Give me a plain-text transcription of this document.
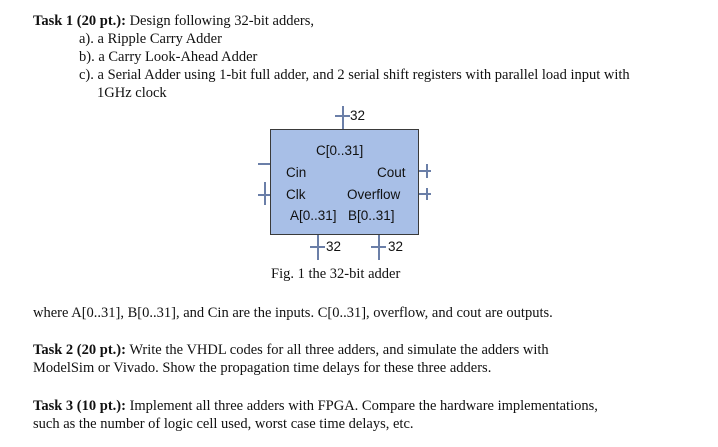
Task 1 (20 pt.): Design following 32-bit adders,
a). a Ripple Carry Adder
b). a Carry Look-Ahead Adder
c). a Serial Adder using 1-bit full adder, and 2 serial shift registers with parallel load input with
1GHz clock
32
C[0..31]
Cin	Cout
Clk	Overflow
A[0..31] B[0..31]
32	32
Fig. 1 the 32-bit adder
where A[0..31], B[0..31], and Cin are the inputs. C[0..31], overflow, and cout are outputs.
Task 2 (20 pt.): Write the VHDL codes for all three adders, and simulate the adders with
ModelSim or Vivado. Show the propagation time delays for these three adders.
Task 3 (10 pt.): Implement all three adders with FPGA. Compare the hardware implementations,
such as the number of logic cell used, worst case time delays, etc.
